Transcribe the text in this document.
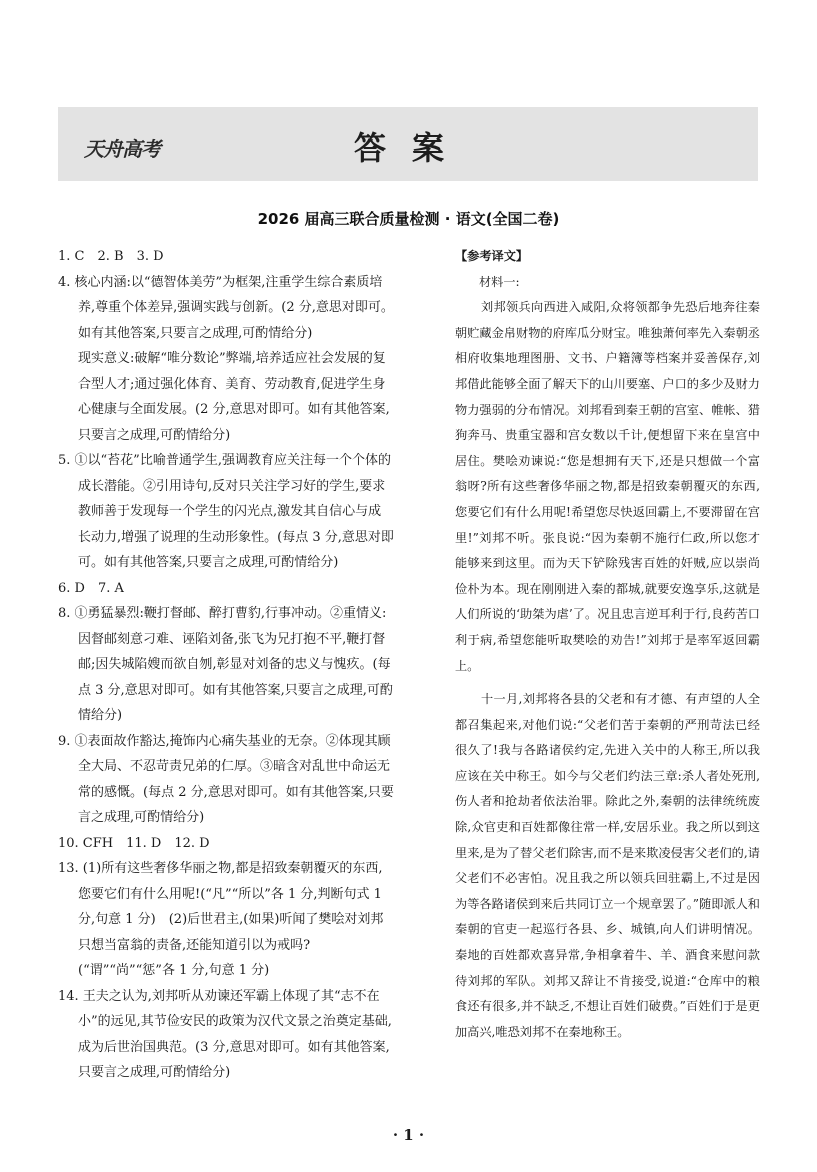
天舟高考	答案
2026 届高三联合质量检测 · 语文(全国二卷)

1. C　2. B　3. D

4. 核心内涵:以“德智体美劳”为框架,注重学生综合素质培养,尊重个体差异,强调实践与创新。(2 分,意思对即可。如有其他答案,只要言之成理,可酌情给分)

现实意义:破解“唯分数论”弊端,培养适应社会发展的复合型人才;通过强化体育、美育、劳动教育,促进学生身心健康与全面发展。(2 分,意思对即可。如有其他答案,只要言之成理,可酌情给分)

5. ①以“苔花”比喻普通学生,强调教育应关注每一个个体的成长潜能。②引用诗句,反对只关注学习好的学生,要求教师善于发现每一个学生的闪光点,激发其自信心与成长动力,增强了说理的生动形象性。(每点 3 分,意思对即可。如有其他答案,只要言之成理,可酌情给分)

6. D　7. A

8. ①勇猛暴烈:鞭打督邮、醉打曹豹,行事冲动。②重情义:因督邮刻意刁难、诬陷刘备,张飞为兄打抱不平,鞭打督邮;因失城陷嫂而欲自刎,彰显对刘备的忠义与愧疚。(每点 3 分,意思对即可。如有其他答案,只要言之成理,可酌情给分)

9. ①表面故作豁达,掩饰内心痛失基业的无奈。②体现其顾全大局、不忍苛责兄弟的仁厚。③暗含对乱世中命运无常的感慨。(每点 2 分,意思对即可。如有其他答案,只要言之成理,可酌情给分)

10. CFH　11. D　12. D

13. (1)所有这些奢侈华丽之物,都是招致秦朝覆灭的东西,您要它们有什么用呢!(“凡”“所以”各 1 分,判断句式 1 分,句意 1 分)　(2)后世君主,(如果)听闻了樊哙对刘邦只想当富翁的责备,还能知道引以为戒吗?(“谓”“尚”“惩”各 1 分,句意 1 分)

14. 王夫之认为,刘邦听从劝谏还军霸上体现了其“志不在小”的远见,其节俭安民的政策为汉代文景之治奠定基础,成为后世治国典范。(3 分,意思对即可。如有其他答案,只要言之成理,可酌情给分)

【参考译文】

材料一:

刘邦领兵向西进入咸阳,众将领都争先恐后地奔往秦朝贮藏金帛财物的府库瓜分财宝。唯独萧何率先入秦朝丞相府收集地理图册、文书、户籍簿等档案并妥善保存,刘邦借此能够全面了解天下的山川要塞、户口的多少及财力物力强弱的分布情况。刘邦看到秦王朝的宫室、帷帐、猎狗奔马、贵重宝器和宫女数以千计,便想留下来在皇宫中居住。樊哙劝谏说:“您是想拥有天下,还是只想做一个富翁呀?所有这些奢侈华丽之物,都是招致秦朝覆灭的东西,您要它们有什么用呢!希望您尽快返回霸上,不要滞留在宫里!”刘邦不听。张良说:“因为秦朝不施行仁政,所以您才能够来到这里。而为天下铲除残害百姓的奸贼,应以崇尚俭朴为本。现在刚刚进入秦的都城,就要安逸享乐,这就是人们所说的‘助桀为虐’了。况且忠言逆耳利于行,良药苦口利于病,希望您能听取樊哙的劝告!”刘邦于是率军返回霸上。

十一月,刘邦将各县的父老和有才德、有声望的人全都召集起来,对他们说:“父老们苦于秦朝的严刑苛法已经很久了!我与各路诸侯约定,先进入关中的人称王,所以我应该在关中称王。如今与父老们约法三章:杀人者处死刑,伤人者和抢劫者依法治罪。除此之外,秦朝的法律统统废除,众官吏和百姓都像往常一样,安居乐业。我之所以到这里来,是为了替父老们除害,而不是来欺凌侵害父老们的,请父老们不必害怕。况且我之所以领兵回驻霸上,不过是因为等各路诸侯到来后共同订立一个规章罢了。”随即派人和秦朝的官吏一起巡行各县、乡、城镇,向人们讲明情况。秦地的百姓都欢喜异常,争相拿着牛、羊、酒食来慰问款待刘邦的军队。刘邦又辞让不肯接受,说道:“仓库中的粮食还有很多,并不缺乏,不想让百姓们破费。”百姓们于是更加高兴,唯恐刘邦不在秦地称王。

· 1 ·
